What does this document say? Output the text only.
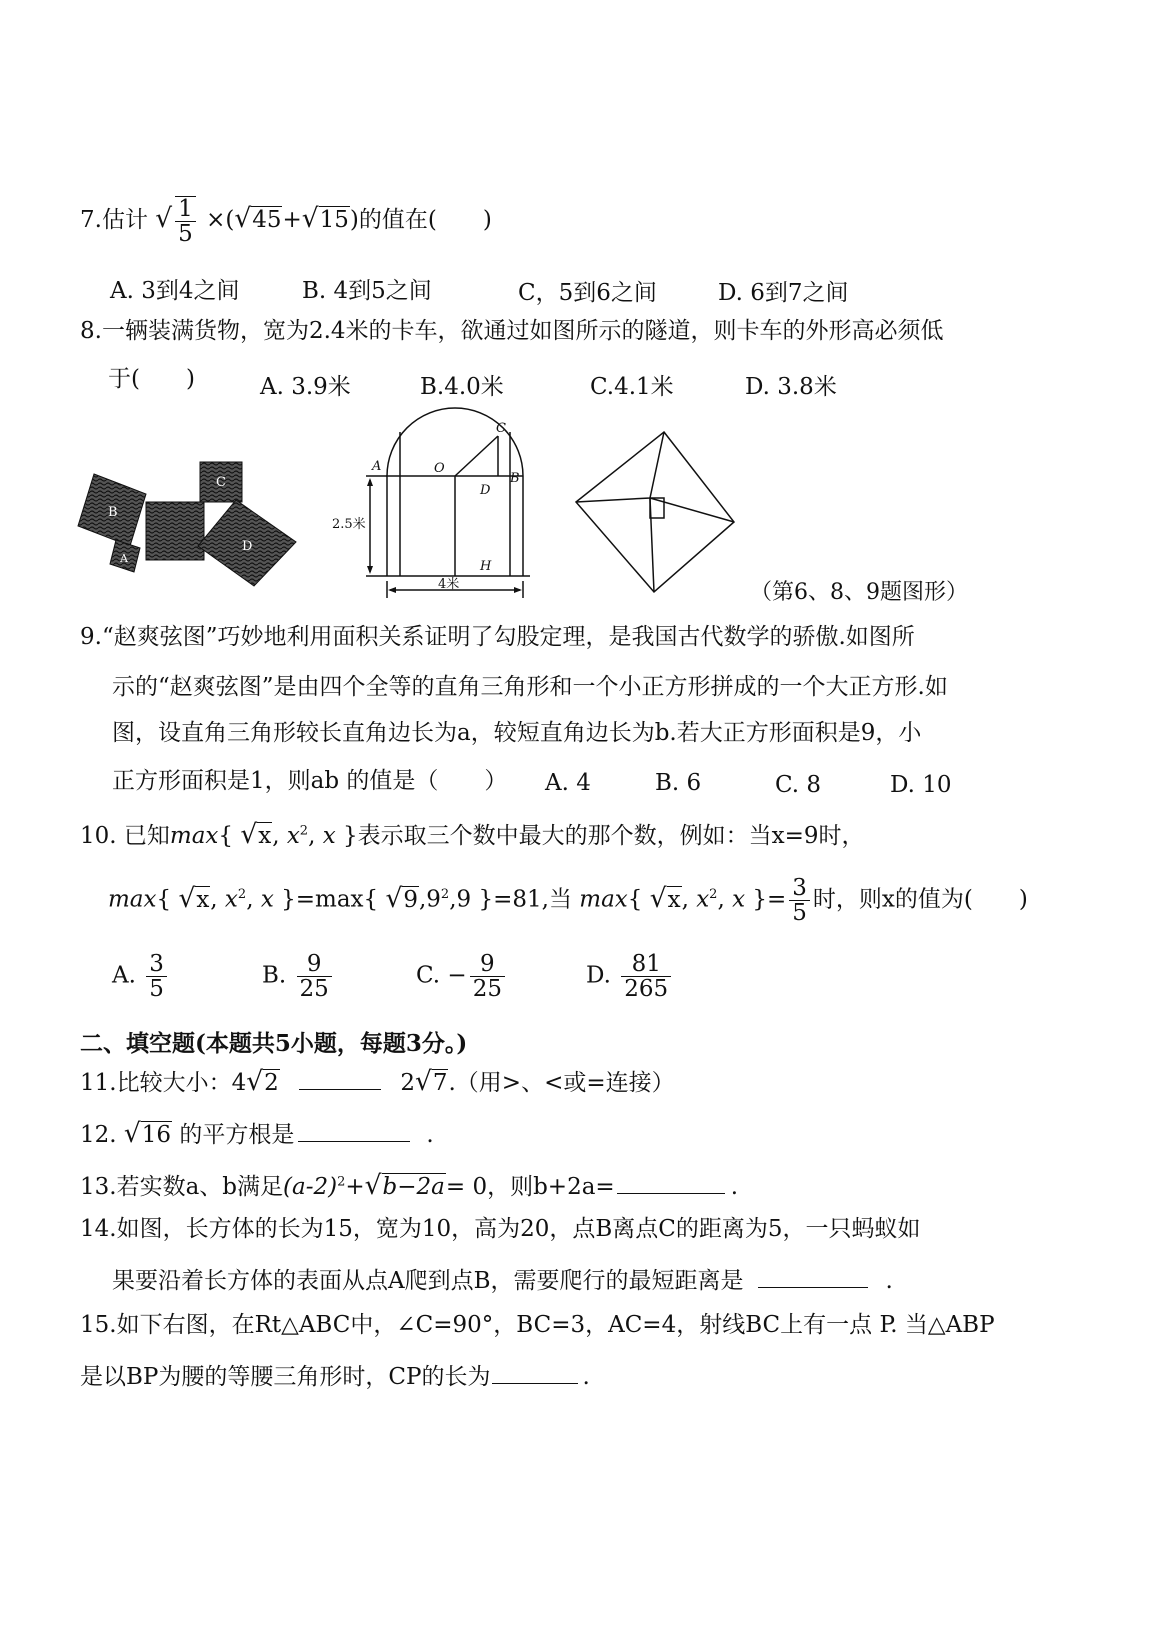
7.估计 √ $\frac{1}{5} \times(√45+√15)$的值在(　　)
A. 3到4之间	B. 4到5之间	C，5到6之间	D. 6到7之间
8.一辆装满货物，宽为2.4米的卡车，欲通过如图所示的隧道，则卡车的外形高必须低
于(　　)	A. 3.9米	B.4.0米	C.4.1米	D. 3.8米
C
B
A
D
C
A	O
D
B
H
2.5米
4米	（第6、8、9题图形）
9.“赵爽弦图”巧妙地利用面积关系证明了勾股定理，是我国古代数学的骄傲.如图所
示的“赵爽弦图”是由四个全等的直角三角形和一个小正方形拼成的一个大正方形.如
图，设直角三角形较长直角边长为a，较短直角边长为b.若大正方形面积是9，小
正方形面积是1，则ab 的值是（　　） A. 4	B. 6	C. 8	D. 10
10. 已知max{ √x, $x^2$, x }表示取三个数中最大的那个数，例如：当x=9时，
max{ √x, $x^2$, x }=max{ $√9,9^2,9$ }=81,当 max{ √x, $x^2$, x }= $\frac{3}{5}$ 时，则x的值为(　　)
A. $\frac{3}{5}$	B. $\frac{9}{25}$	C. − $\frac{9}{25}$	D. $\frac{81}{265}$
二、填空题(本题共5小题，每题3分。)
11.比较大小：4√2	2√7.（用>、<或=连接）
12. √16 的平方根是	.
13.若实数a、b满足$(a-2)^2+√b-2a= 0$，则b+2a=	.
14.如图，长方体的长为15，宽为10，高为20，点B离点C的距离为5，一只蚂蚁如
果要沿着长方体的表面从点A爬到点B，需要爬行的最短距离是	.
15.如下右图，在Rt△ABC中，∠C=90°，BC=3，AC=4，射线BC上有一点 P. 当△ABP
是以BP为腰的等腰三角形时，CP的长为	.
